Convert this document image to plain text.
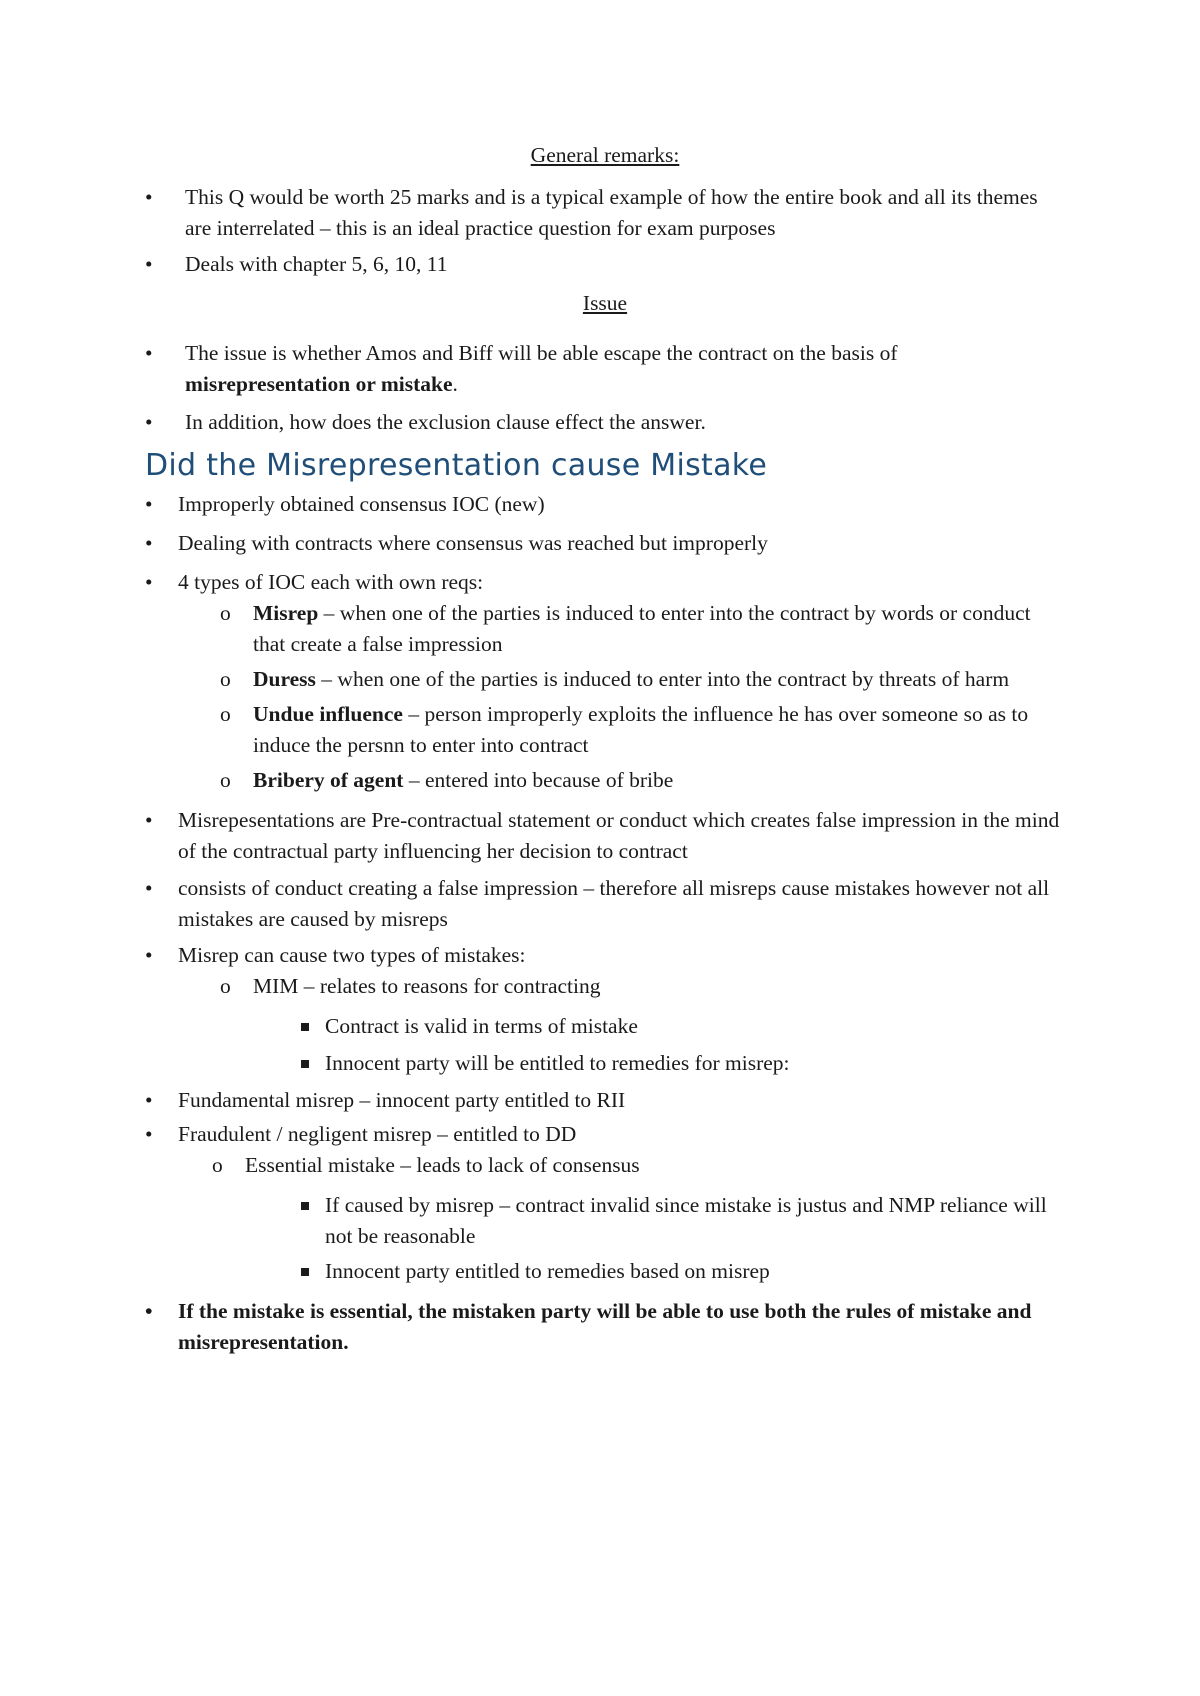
General remarks:

• This Q would be worth 25 marks and is a typical example of how the entire book and all its themes are interrelated – this is an ideal practice question for exam purposes
• Deals with chapter 5, 6, 10, 11

Issue

• The issue is whether Amos and Biff will be able escape the contract on the basis of misrepresentation or mistake.
• In addition, how does the exclusion clause effect the answer.
Did the Misrepresentation cause Mistake
• Improperly obtained consensus IOC (new)
• Dealing with contracts where consensus was reached but improperly
• 4 types of IOC each with own reqs:
o Misrep – when one of the parties is induced to enter into the contract by words or conduct that create a false impression
o Duress – when one of the parties is induced to enter into the contract by threats of harm
o Undue influence – person improperly exploits the influence he has over someone so as to induce the persnn to enter into contract
o Bribery of agent – entered into because of bribe
• Misrepesentations are Pre-contractual statement or conduct which creates false impression in the mind of the contractual party influencing her decision to contract
• consists of conduct creating a false impression – therefore all misreps cause mistakes however not all mistakes are caused by misreps
• Misrep can cause two types of mistakes:
o MIM – relates to reasons for contracting
Contract is valid in terms of mistake
Innocent party will be entitled to remedies for misrep:
• Fundamental misrep – innocent party entitled to RII
• Fraudulent / negligent misrep – entitled to DD
o Essential mistake – leads to lack of consensus
If caused by misrep – contract invalid since mistake is justus and NMP reliance will not be reasonable
Innocent party entitled to remedies based on misrep
• If the mistake is essential, the mistaken party will be able to use both the rules of mistake and misrepresentation.
